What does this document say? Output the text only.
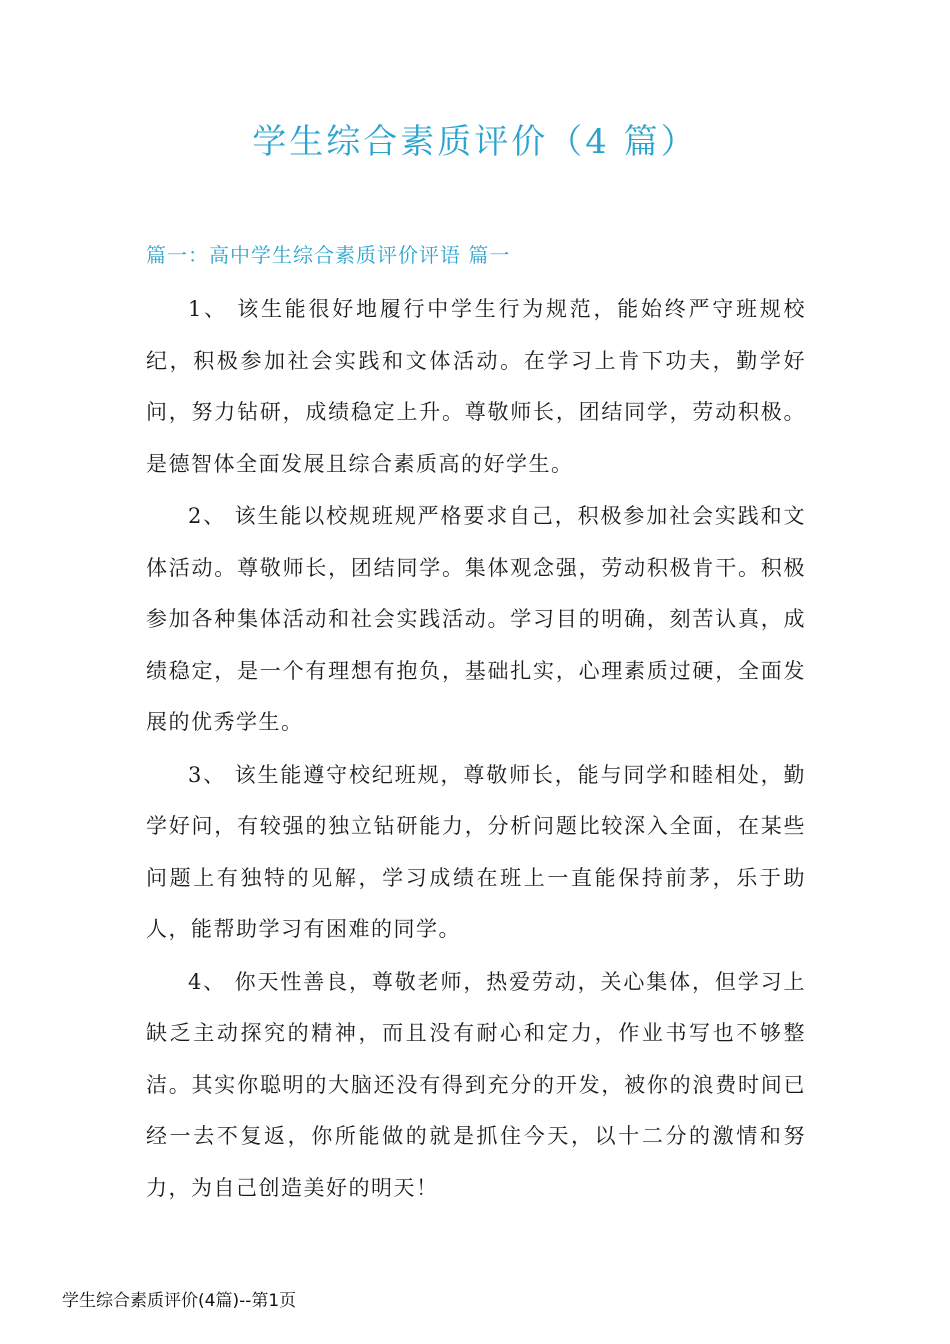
学生综合素质评价（4 篇）
篇一：高中学生综合素质评价评语 篇一

1、 该生能很好地履行中学生行为规范，能始终严守班规校纪，积极参加社会实践和文体活动。在学习上肯下功夫，勤学好问，努力钻研，成绩稳定上升。尊敬师长，团结同学，劳动积极。是德智体全面发展且综合素质高的好学生。

2、 该生能以校规班规严格要求自己，积极参加社会实践和文体活动。尊敬师长，团结同学。集体观念强，劳动积极肯干。积极参加各种集体活动和社会实践活动。学习目的明确，刻苦认真，成绩稳定，是一个有理想有抱负，基础扎实，心理素质过硬，全面发展的优秀学生。

3、 该生能遵守校纪班规，尊敬师长，能与同学和睦相处，勤学好问，有较强的独立钻研能力，分析问题比较深入全面，在某些问题上有独特的见解，学习成绩在班上一直能保持前茅，乐于助人，能帮助学习有困难的同学。

4、 你天性善良，尊敬老师，热爱劳动，关心集体，但学习上缺乏主动探究的精神，而且没有耐心和定力，作业书写也不够整洁。其实你聪明的大脑还没有得到充分的开发，被你的浪费时间已经一去不复返，你所能做的就是抓住今天，以十二分的激情和努力，为自己创造美好的明天！

学生综合素质评价(4篇)--第1页
